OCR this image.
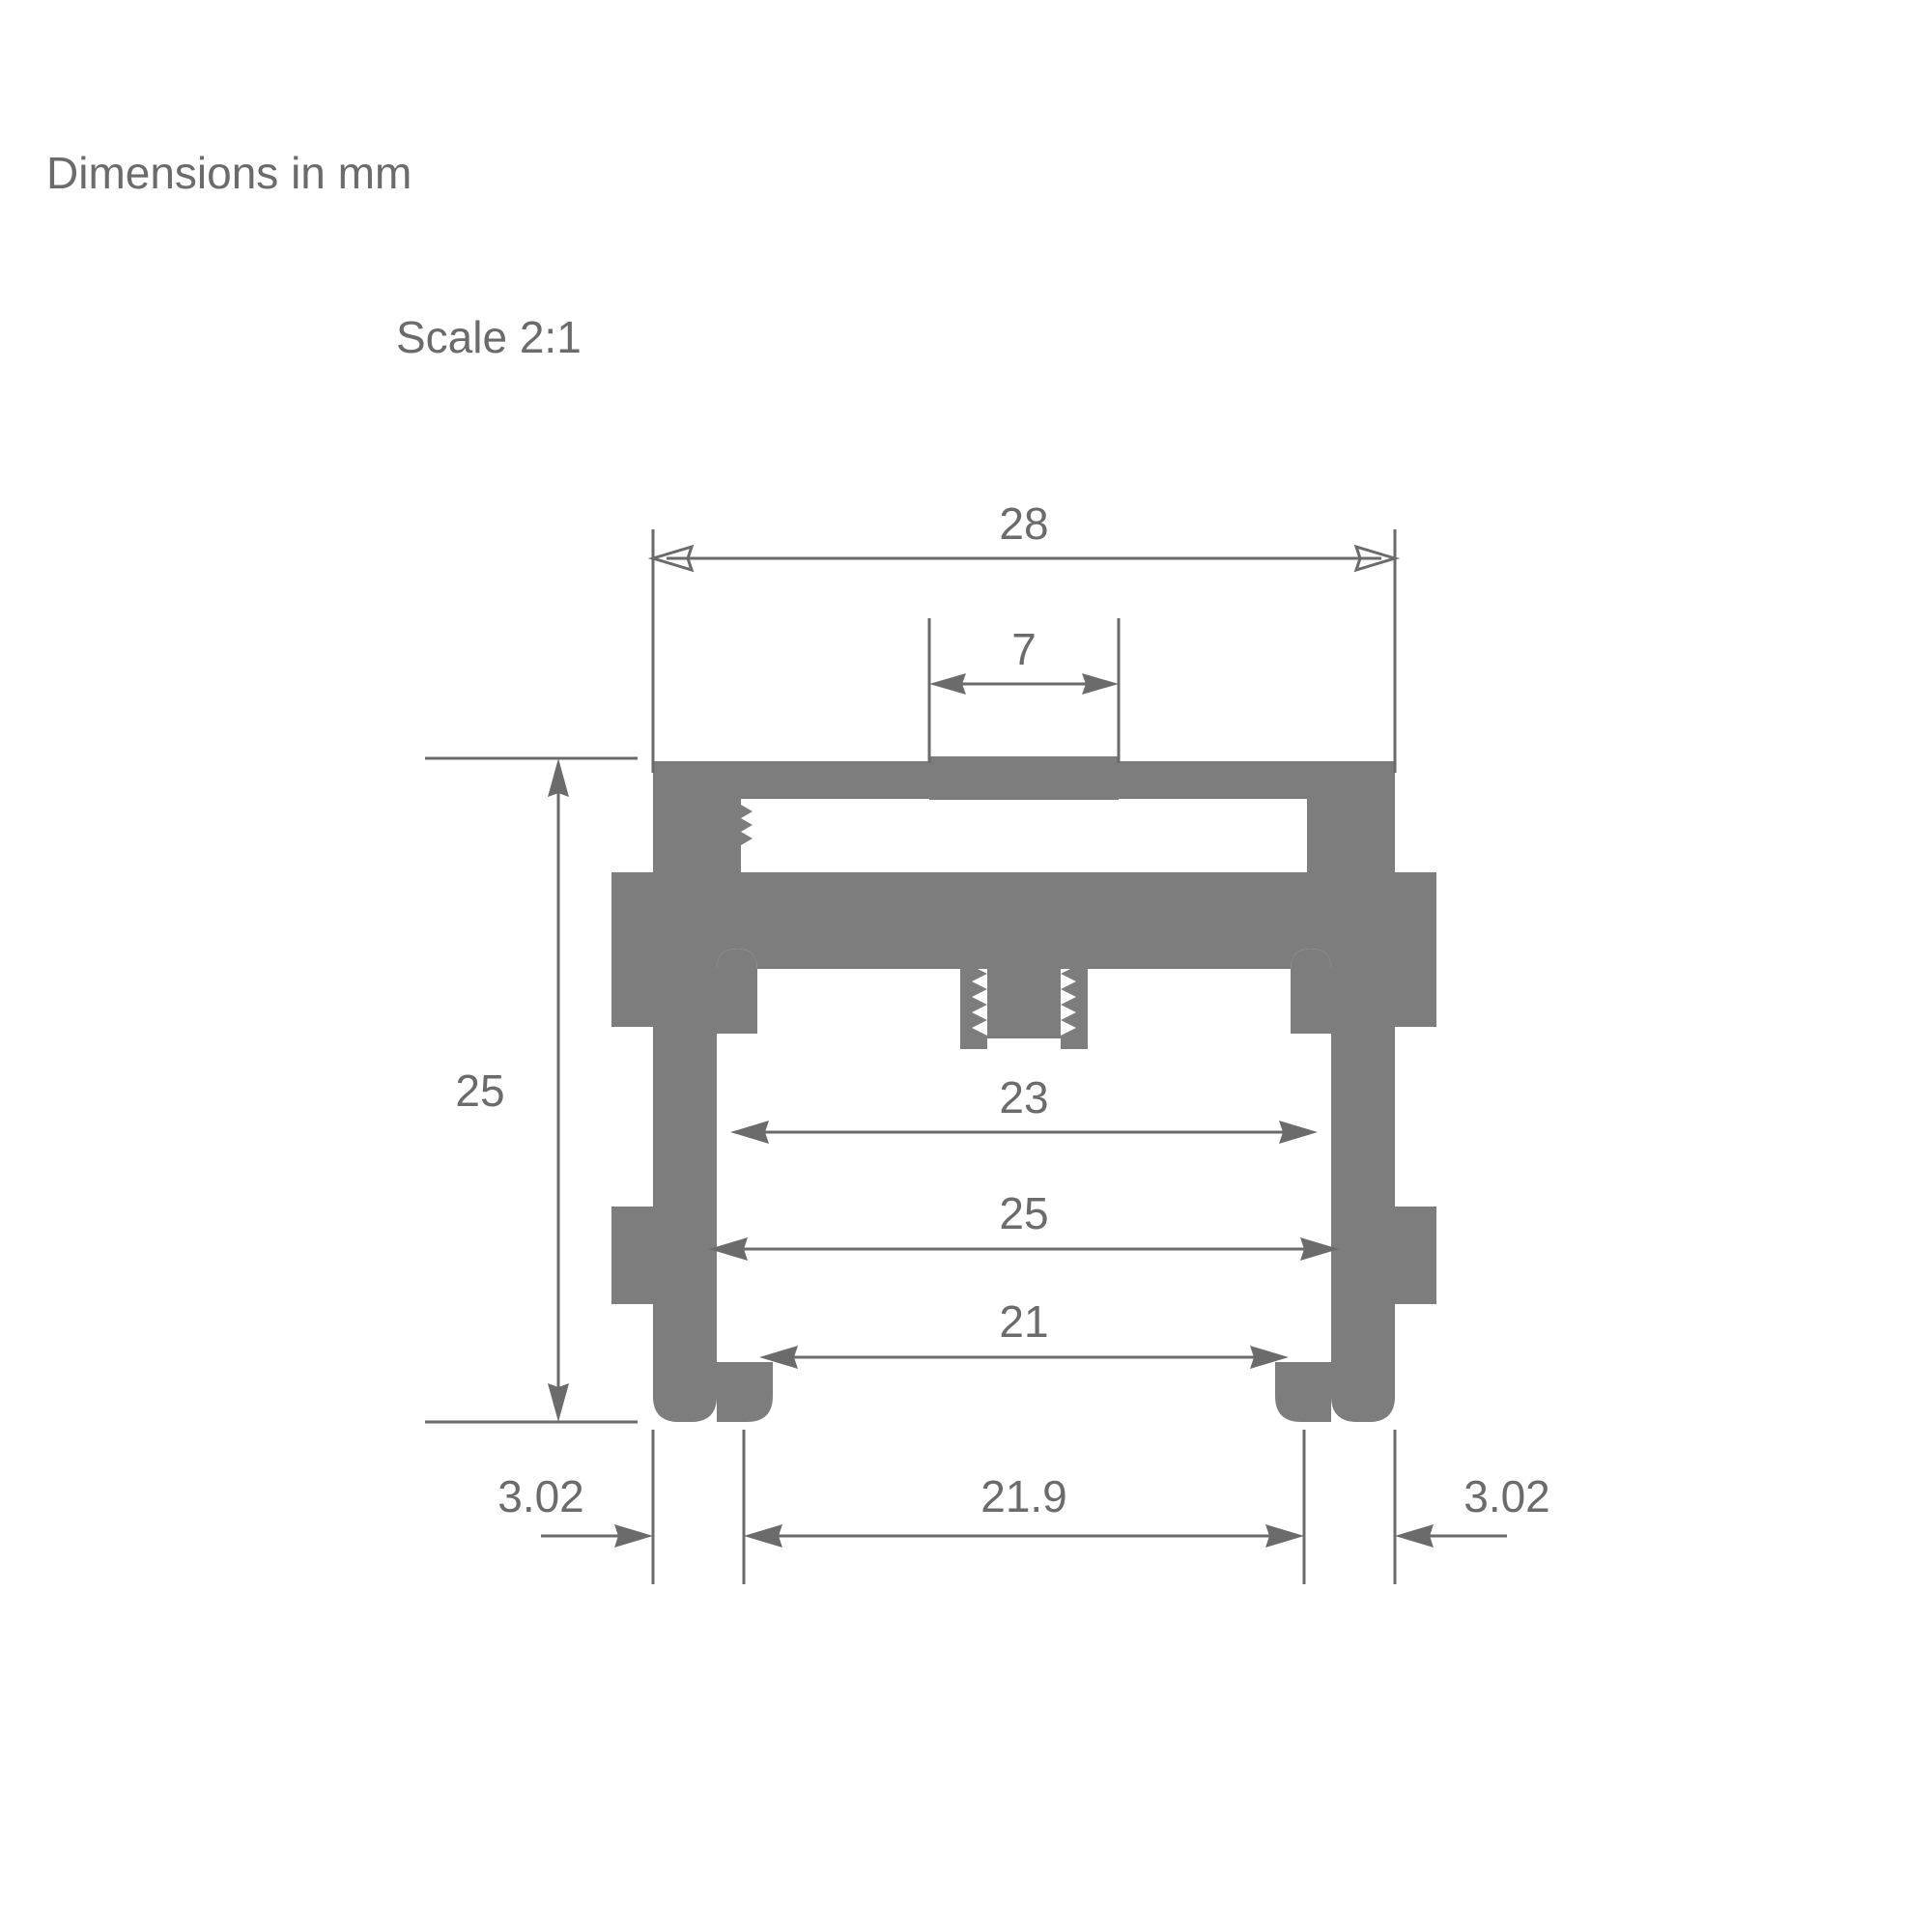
28
7
25	23
25
21
3.02	21.9	3.02
Dimensions in mm
Scale 2:1
